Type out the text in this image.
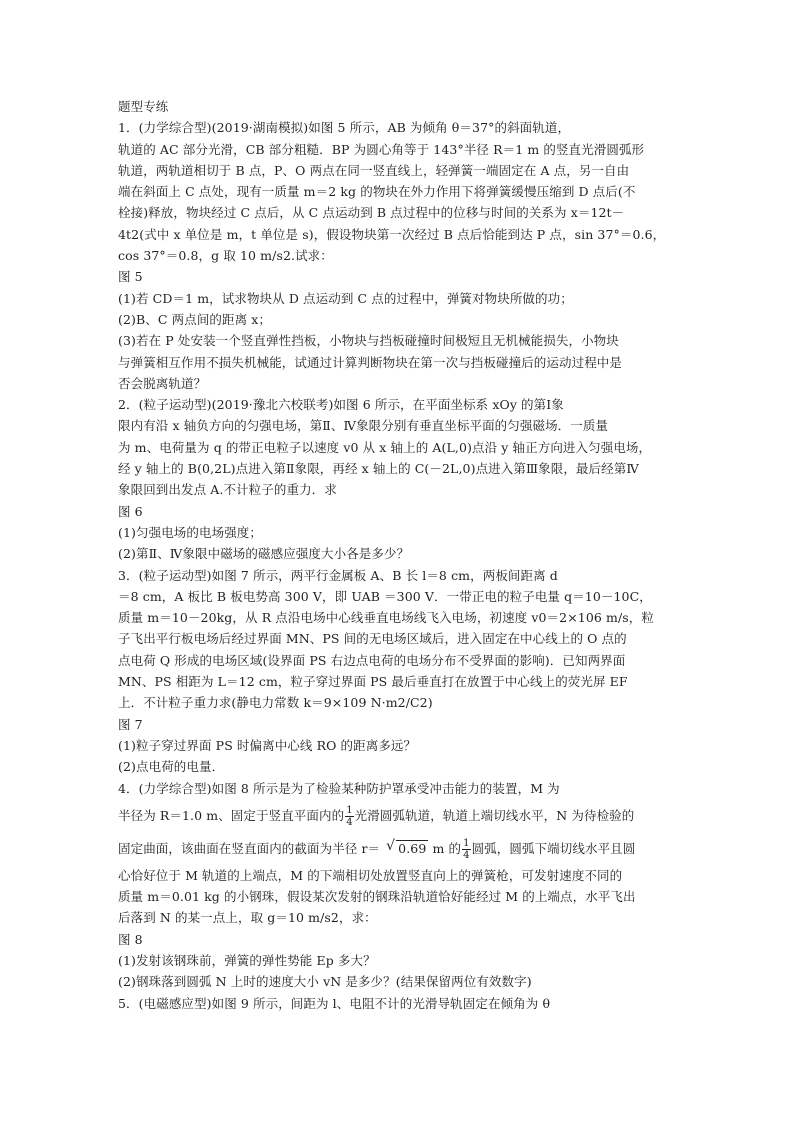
题型专练
1．(力学综合型)(2019·湖南模拟)如图 5 所示，AB 为倾角 θ＝37°的斜面轨道，
轨道的 AC 部分光滑，CB 部分粗糙．BP 为圆心角等于 143°半径 R＝1 m 的竖直光滑圆弧形
轨道，两轨道相切于 B 点，P、O 两点在同一竖直线上，轻弹簧一端固定在 A 点，另一自由
端在斜面上 C 点处，现有一质量 m＝2 kg 的物块在外力作用下将弹簧缓慢压缩到 D 点后(不
栓接)释放，物块经过 C 点后，从 C 点运动到 B 点过程中的位移与时间的关系为 x＝12t－
4t2(式中 x 单位是 m，t 单位是 s)，假设物块第一次经过 B 点后恰能到达 P 点，sin 37°＝0.6，
cos 37°＝0.8，g 取 10 m/s2.试求：
图 5
(1)若 CD＝1 m，试求物块从 D 点运动到 C 点的过程中，弹簧对物块所做的功；
(2)B、C 两点间的距离 x；
(3)若在 P 处安装一个竖直弹性挡板，小物块与挡板碰撞时间极短且无机械能损失，小物块
与弹簧相互作用不损失机械能，试通过计算判断物块在第一次与挡板碰撞后的运动过程中是
否会脱离轨道？
2．(粒子运动型)(2019·豫北六校联考)如图 6 所示，在平面坐标系 xOy 的第Ⅰ象
限内有沿 x 轴负方向的匀强电场，第Ⅱ、Ⅳ象限分别有垂直坐标平面的匀强磁场．一质量
为 m、电荷量为 q 的带正电粒子以速度 v0 从 x 轴上的 A(L,0)点沿 y 轴正方向进入匀强电场，
经 y 轴上的 B(0,2L)点进入第Ⅱ象限，再经 x 轴上的 C(－2L,0)点进入第Ⅲ象限，最后经第Ⅳ
象限回到出发点 A.不计粒子的重力．求
图 6
(1)匀强电场的电场强度；
(2)第Ⅱ、Ⅳ象限中磁场的磁感应强度大小各是多少？
3．(粒子运动型)如图 7 所示，两平行金属板 A、B 长 l＝8 cm，两板间距离 d
＝8 cm，A 板比 B 板电势高 300 V，即 UAB ＝300 V．一带正电的粒子电量 q＝10－10C，
质量 m＝10－20kg，从 R 点沿电场中心线垂直电场线飞入电场，初速度 v0＝2×106 m/s，粒
子飞出平行板电场后经过界面 MN、PS 间的无电场区域后，进入固定在中心线上的 O 点的
点电荷 Q 形成的电场区域(设界面 PS 右边点电荷的电场分布不受界面的影响)．已知两界面
MN、PS 相距为 L＝12 cm，粒子穿过界面 PS 最后垂直打在放置于中心线上的荧光屏 EF
上．不计粒子重力求(静电力常数 k＝9×109 N·m2/C2)
图 7
(1)粒子穿过界面 PS 时偏离中心线 RO 的距离多远？
(2)点电荷的电量．
4．(力学综合型)如图 8 所示是为了检验某种防护罩承受冲击能力的装置，M 为
半径为 R＝1.0 m、固定于竖直平面内的 $\frac{1}{4}$ 光滑圆弧轨道，轨道上端切线水平，N 为待检验的
固定曲面，该曲面在竖直面内的截面为半径 r＝ √ 0.69 m 的 $\frac{1}{4}$ 圆弧，圆弧下端切线水平且圆
心恰好位于 M 轨道的上端点，M 的下端相切处放置竖直向上的弹簧枪，可发射速度不同的
质量 m＝0.01 kg 的小钢珠，假设某次发射的钢珠沿轨道恰好能经过 M 的上端点，水平飞出
后落到 N 的某一点上，取 g＝10 m/s2，求：
图 8
(1)发射该钢珠前，弹簧的弹性势能 Ep 多大？
(2)钢珠落到圆弧 N 上时的速度大小 vN 是多少？(结果保留两位有效数字)
5．(电磁感应型)如图 9 所示，间距为 l、电阻不计的光滑导轨固定在倾角为 θ
